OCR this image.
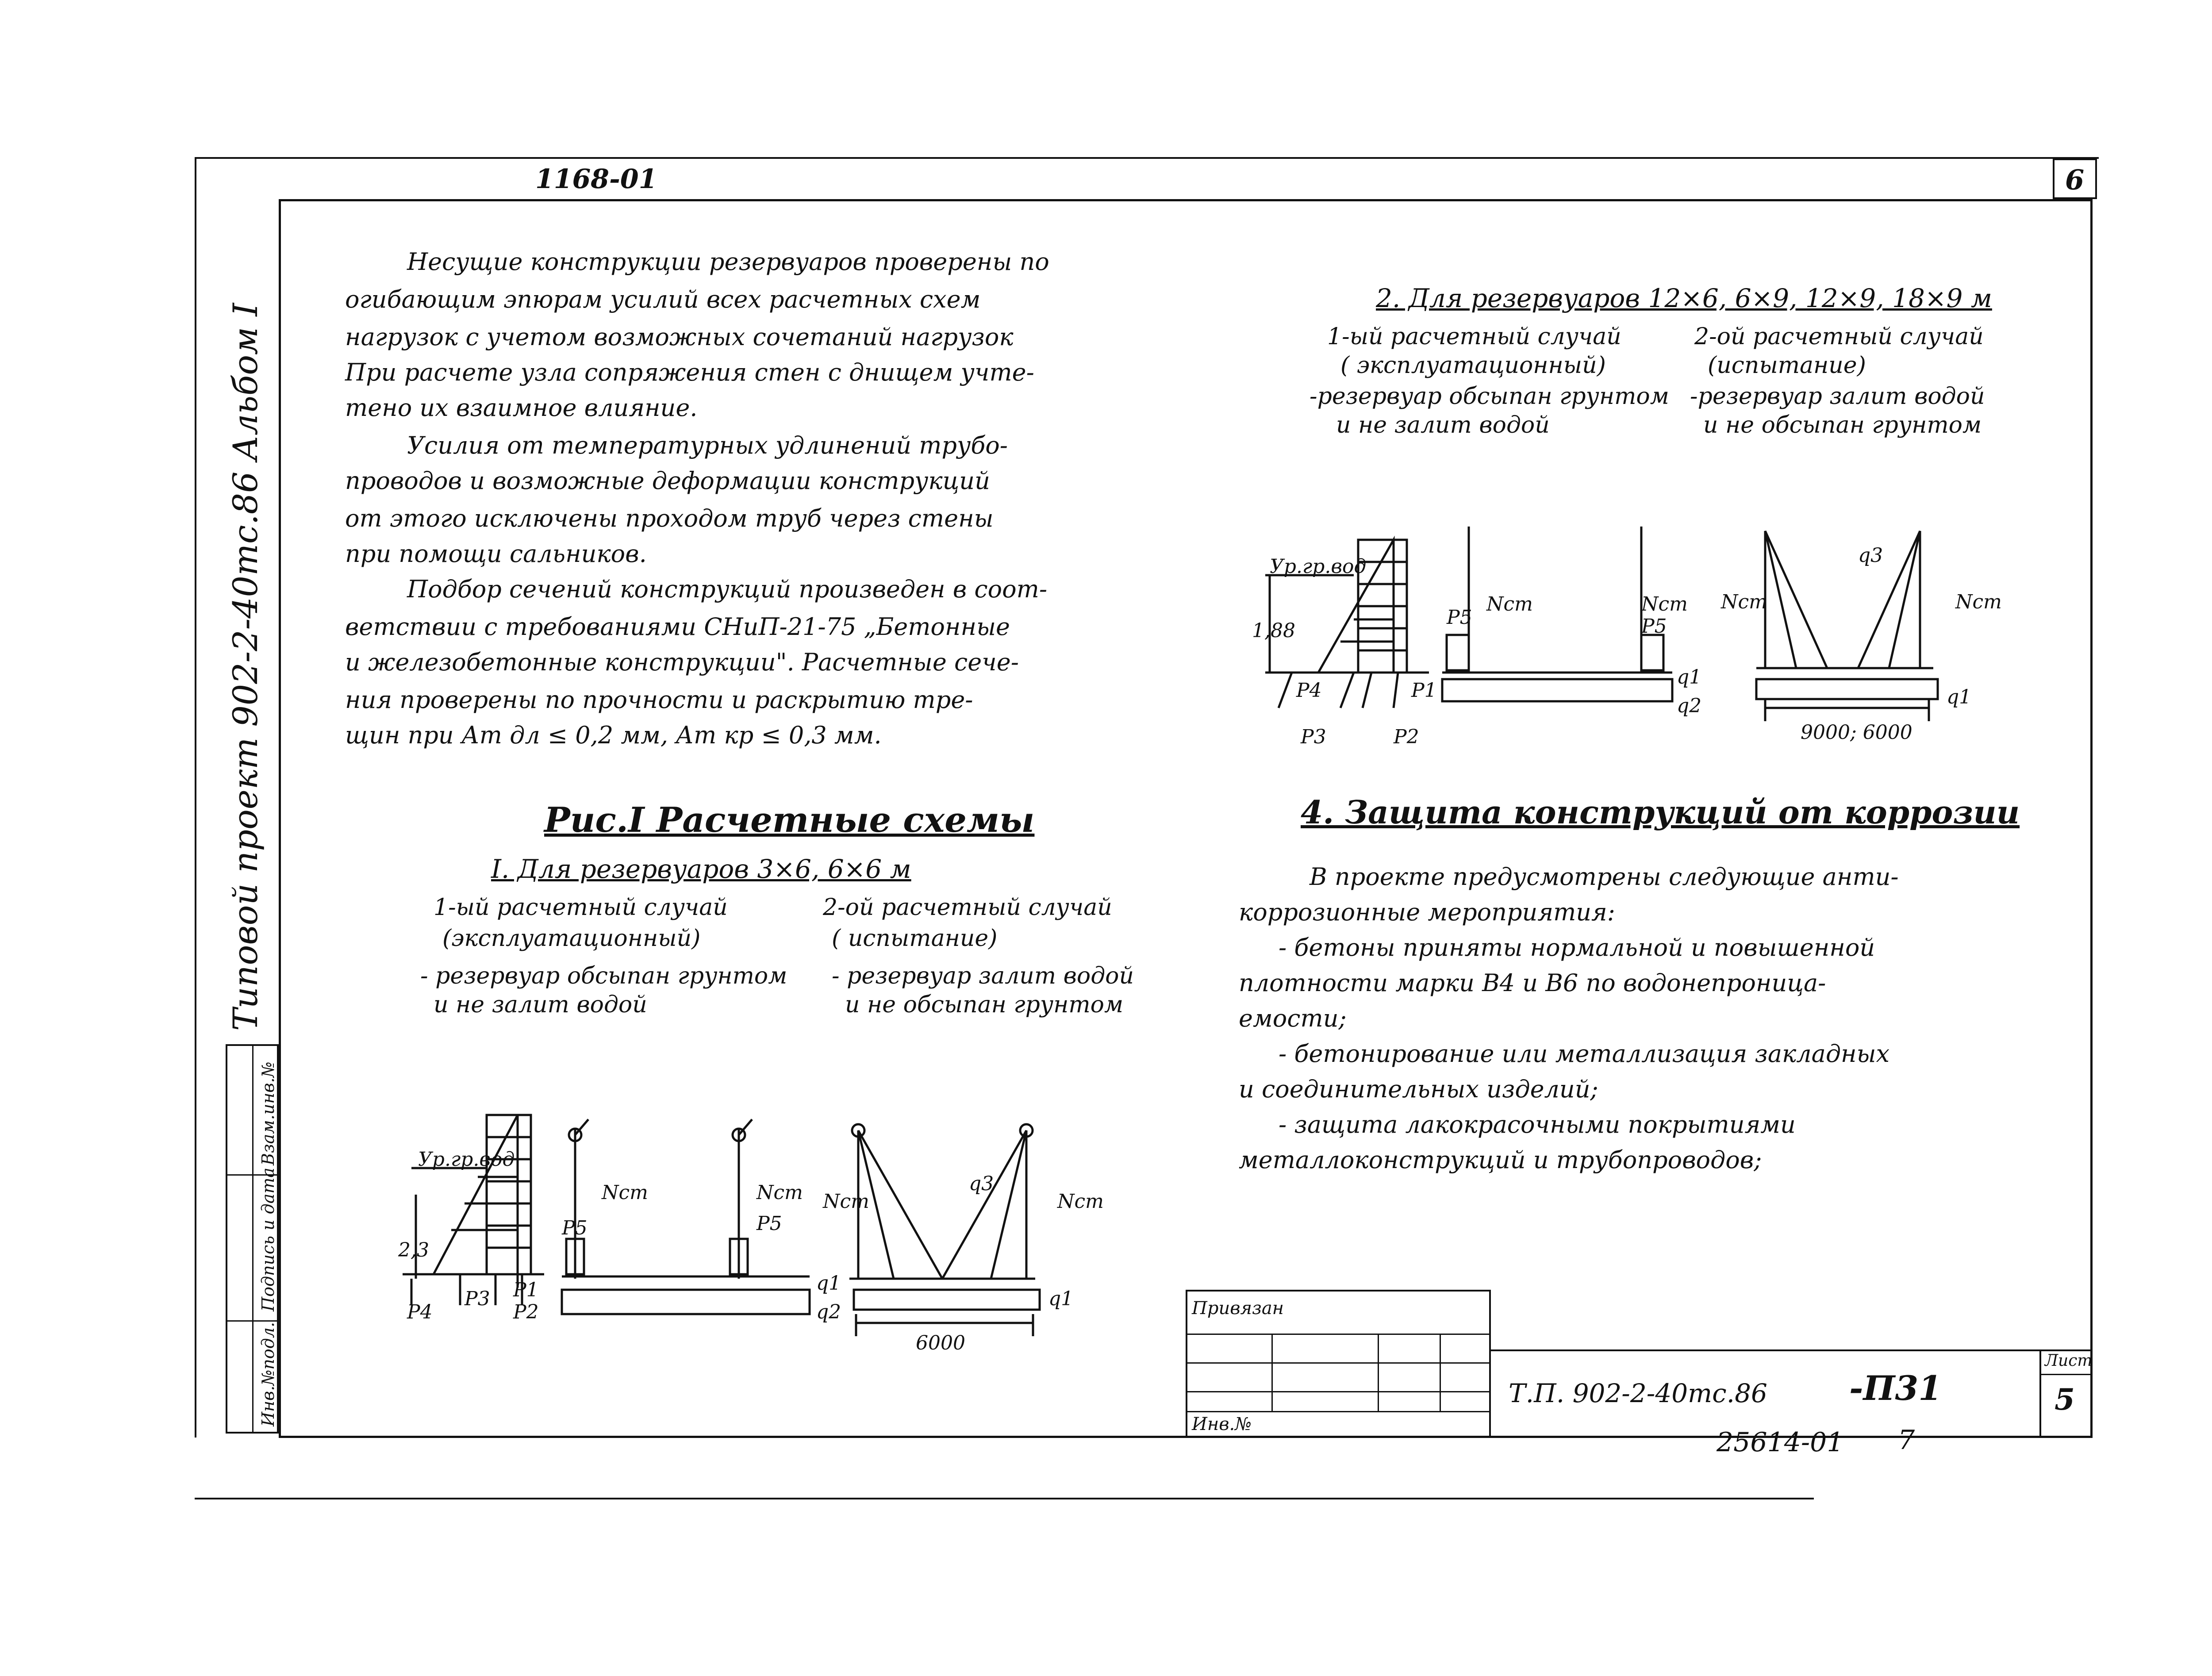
1168-01	6
Типовой проект 902-2-40тс.86 Альбом I
Инв.№подл.
Подпись и дата
Взам.инв.№
Несущие конструкции резервуаров проверены по
огибающим эпюрам усилий всех расчетных схем
нагрузок с учетом возможных сочетаний нагрузок
При расчете узла сопряжения стен с днищем учте-
тено их взаимное влияние.
Усилия от температурных удлинений трубо-
проводов и возможные деформации конструкций
от этого исключены проходом труб через стены
при помощи сальников.
Подбор сечений конструкций произведен в соот-
ветствии с требованиями СНиП-21-75 „Бетонные
и железобетонные конструкции". Расчетные сече-
ния проверены по прочности и раскрытию тре-
щин при Ат дл ≤ 0,2 мм, Ат кр ≤ 0,3 мм.
Рис.I Расчетные схемы
I. Для резервуаров 3×6, 6×6 м
1-ый расчетный случай
(эксплуатационный)
- резервуар обсыпан грунтом
и не залит водой
2-ой расчетный случай
( испытание)
- резервуар залит водой
и не обсыпан грунтом
Ур.гр.вод
2,3
P4
P3 P1
P2
Nст
P5
Nст
P5
q1
q2
Nст	Nст
q3
q1
6000
2. Для резервуаров 12×6, 6×9, 12×9, 18×9 м
1-ый расчетный случай
( эксплуатационный)
-резервуар обсыпан грунтом
и не залит водой
2-ой расчетный случай
(испытание)
-резервуар залит водой
и не обсыпан грунтом
Ур.гр.вод
1,88
P4
P3
P1
P2
Nст
P5
Nст
P5
q1
q2
Nст	Nст
q3
q1
9000; 6000
4. Защита конструкций от коррозии
В проекте предусмотрены следующие анти-
коррозионные мероприятия:
- бетоны приняты нормальной и повышенной
плотности марки В4 и В6 по водонепроница-
емости;
- бетонирование или металлизация закладных
и соединительных изделий;
- защита лакокрасочными покрытиями
металлоконструкций и трубопроводов;
Привязан
Инв.№
Т.П. 902-2-40тс.86 -П31
Лист
5
25614-01 7
